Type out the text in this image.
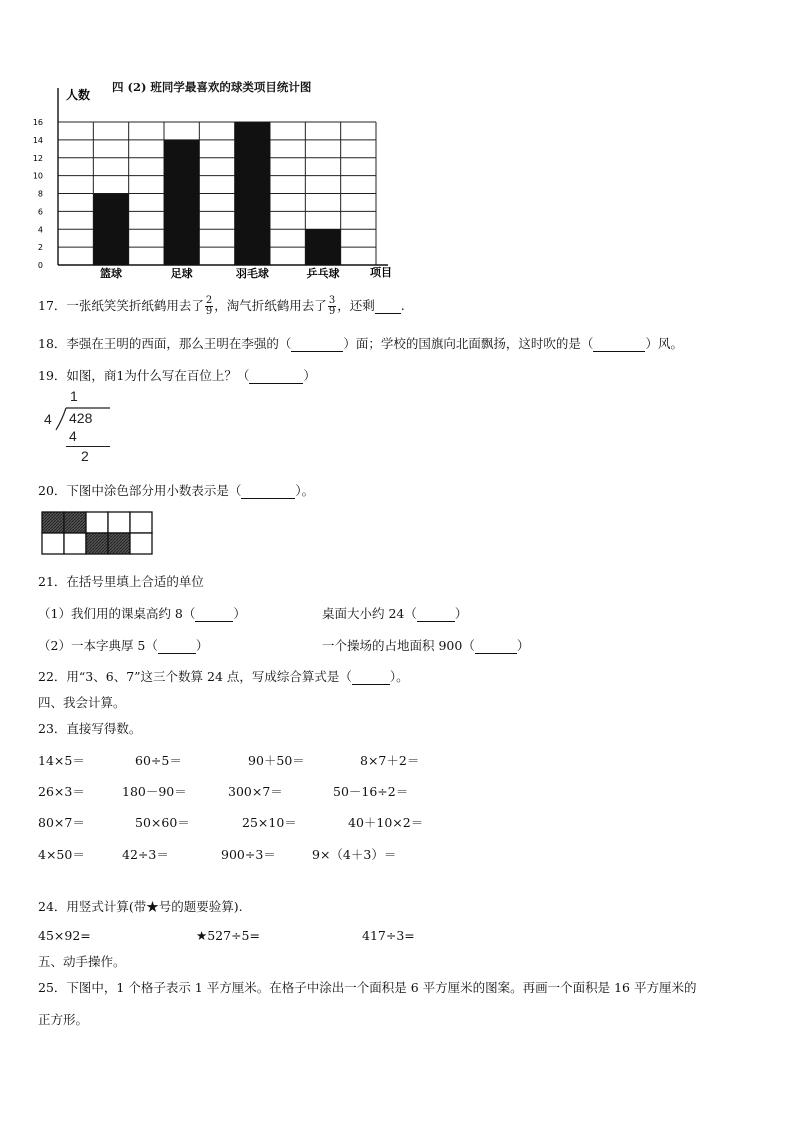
四 (2) 班同学最喜欢的球类项目统计图
0
2
4
6
8
10
12
14
16
篮球	足球	羽毛球	乒乓球
人数
项目
17．一张纸笑笑折纸鹤用去了 $\frac{2}{9}$ ，淘气折纸鹤用去了 $\frac{3}{9}$ ，还剩 .
18．李强在王明的西面，那么王明在李强的（	）面；学校的国旗向北面飘扬，这时吹的是（	）风。
19．如图，商1为什么写在百位上？（	）
1
4 428
4
2
20．下图中涂色部分用小数表示是（	）。
21．在括号里填上合适的单位
（1）我们用的课桌高约 8（	）	桌面大小约 24（	）
（2）一本字典厚 5（	）	一个操场的占地面积 900（	）
22．用“3、6、7”这三个数算 24 点，写成综合算式是（	）。
四、我会计算。
23．直接写得数。
14×5＝	60÷5＝	90＋50＝	8×7＋2＝
26×3＝	180－90＝	300×7＝	50－16÷2＝
80×7＝	50×60＝	25×10＝	40＋10×2＝
4×50＝	42÷3＝	900÷3＝	9×（4＋3）＝
24．用竖式计算(带★号的题要验算).
45×92=	★527÷5=	417÷3=
五、动手操作。
25．下图中，1 个格子表示 1 平方厘米。在格子中涂出一个面积是 6 平方厘米的图案。再画一个面积是 16 平方厘米的
正方形。
